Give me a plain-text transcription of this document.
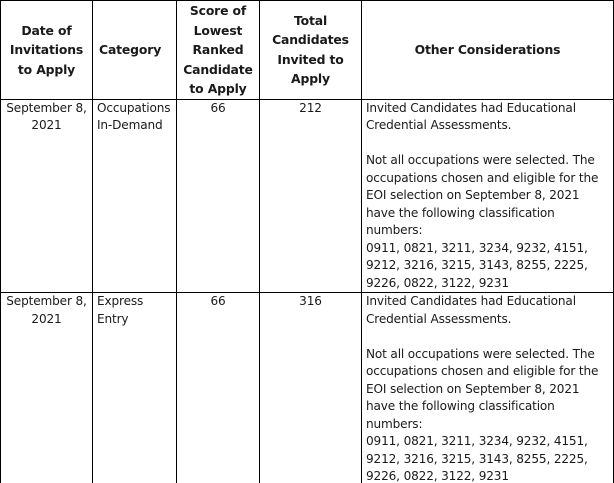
Date of Invitations to Apply	Category	Score of Lowest Ranked Candidate to Apply	Total Candidates Invited to Apply	Other Considerations
September 8, 2021	Occupations In-Demand	66	212	Invited Candidates had Educational Credential Assessments.

Not all occupations were selected. The occupations chosen and eligible for the EOI selection on September 8, 2021 have the following classification numbers:

0911, 0821, 3211, 3234, 9232, 4151, 9212, 3216, 3215, 3143, 8255, 2225, 9226, 0822, 3122, 9231

September 8, 2021	Express Entry	66	316	Invited Candidates had Educational Credential Assessments.

Not all occupations were selected. The occupations chosen and eligible for the EOI selection on September 8, 2021 have the following classification numbers:

0911, 0821, 3211, 3234, 9232, 4151, 9212, 3216, 3215, 3143, 8255, 2225, 9226, 0822, 3122, 9231
